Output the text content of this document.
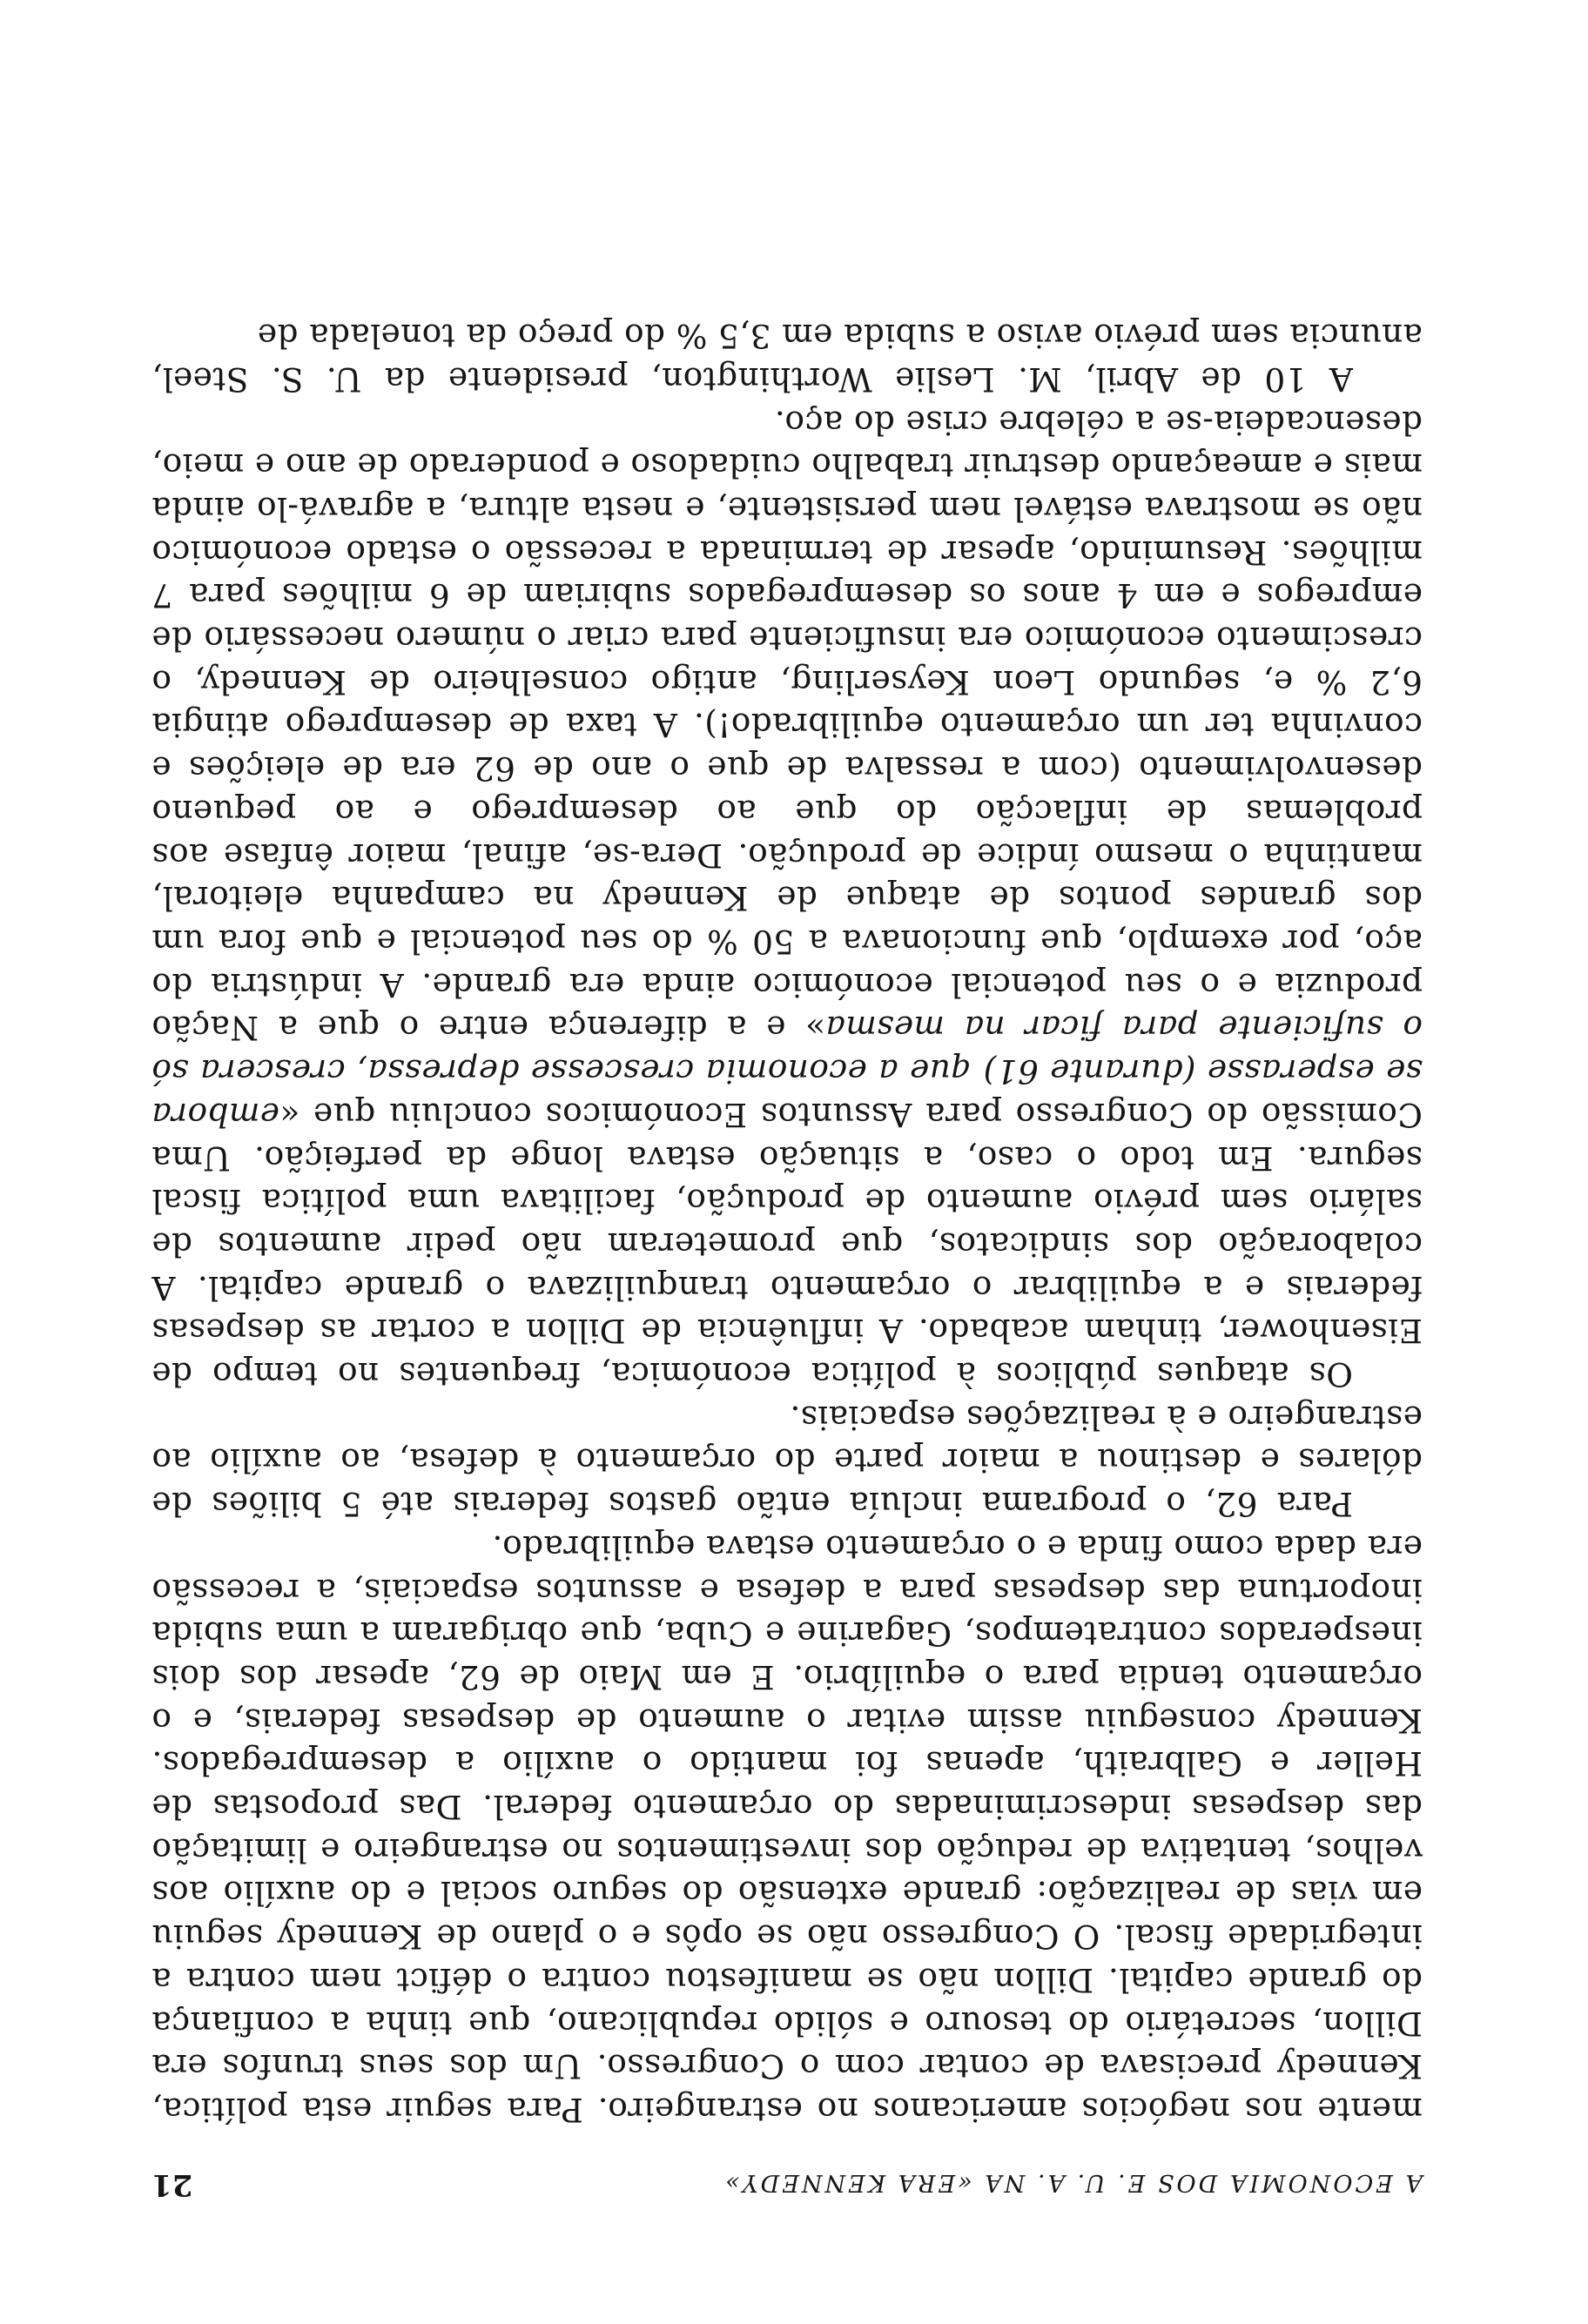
A ECONOMIA DOS E. U. A. NA «ERA KENNEDY»
21

mente nos negócios americanos no estrangeiro. Para seguir esta política, Kennedy precisava de contar com o Congresso. Um dos seus trunfos era Dillon, secretário do tesouro e sólido republicano, que tinha a confiança do grande capital. Dillon não se manifestou contra o défict nem contra a integridade fiscal. O Congresso não se opôs e o plano de Kennedy seguiu em vias de realização: grande extensão do seguro social e do auxílio aos velhos, tentativa de redução dos investimentos no estrangeiro e limitação das despesas indescriminadas do orçamento federal. Das propostas de Heller e Galbraith, apenas foi mantido o auxílio a desempregados. Kennedy conseguiu assim evitar o aumento de despesas federais, e o orçamento tendia para o equilíbrio. E em Maio de 62, apesar dos dois inesperados contratempos, Gagarine e Cuba, que obrigaram a uma subida inoportuna das despesas para a defesa e assuntos espaciais, a recessão era dada como finda e o orçamento estava equilibrado.

Para 62, o programa incluía então gastos federais até 5 biliões de dólares e destinou a maior parte do orçamento à defesa, ao auxílio ao estrangeiro e à realizações espaciais.

Os ataques públicos à política económica, frequentes no tempo de Eisenhower, tinham acabado. A influência de Dillon a cortar as despesas federais e a equilibrar o orçamento tranquilizava o grande capital. A colaboração dos sindicatos, que prometeram não pedir aumentos de salário sem prévio aumento de produção, facilitava uma política fiscal segura. Em todo o caso, a situação estava longe da perfeição. Uma Comissão do Congresso para Assuntos Económicos concluiu que «embora se esperasse (durante 61) que a economia crescesse depressa, crescera só o suficiente para ficar na mesma» e a diferença entre o que a Nação produzia e o seu potencial económico ainda era grande. A indústria do aço, por exemplo, que funcionava a 50 % do seu potencial e que fora um dos grandes pontos de ataque de Kennedy na campanha eleitoral, mantinha o mesmo índice de produção. Dera-se, afinal, maior ênfase aos problemas de inflacção do que ao desemprego e ao pequeno desenvolvimento (com a ressalva de que o ano de 62 era de eleições e convinha ter um orçamento equilibrado!). A taxa de desemprego atingia 6,2 % e, segundo Leon Keyserling, antigo conselheiro de Kennedy, o crescimento económico era insuficiente para criar o número necessário de empregos e em 4 anos os desempregados subiriam de 6 milhões para 7 milhões. Resumindo, apesar de terminada a recessão o estado económico não se mostrava estável nem persistente, e nesta altura, a agravá-lo ainda mais e ameaçando destruir trabalho cuidadoso e ponderado de ano e meio, desencadeia-se a célebre crise do aço.

A 10 de Abril, M. Leslie Worthington, presidente da U. S. Steel, anuncia sem prévio aviso a subida em 3,5 % do preço da tonelada de
